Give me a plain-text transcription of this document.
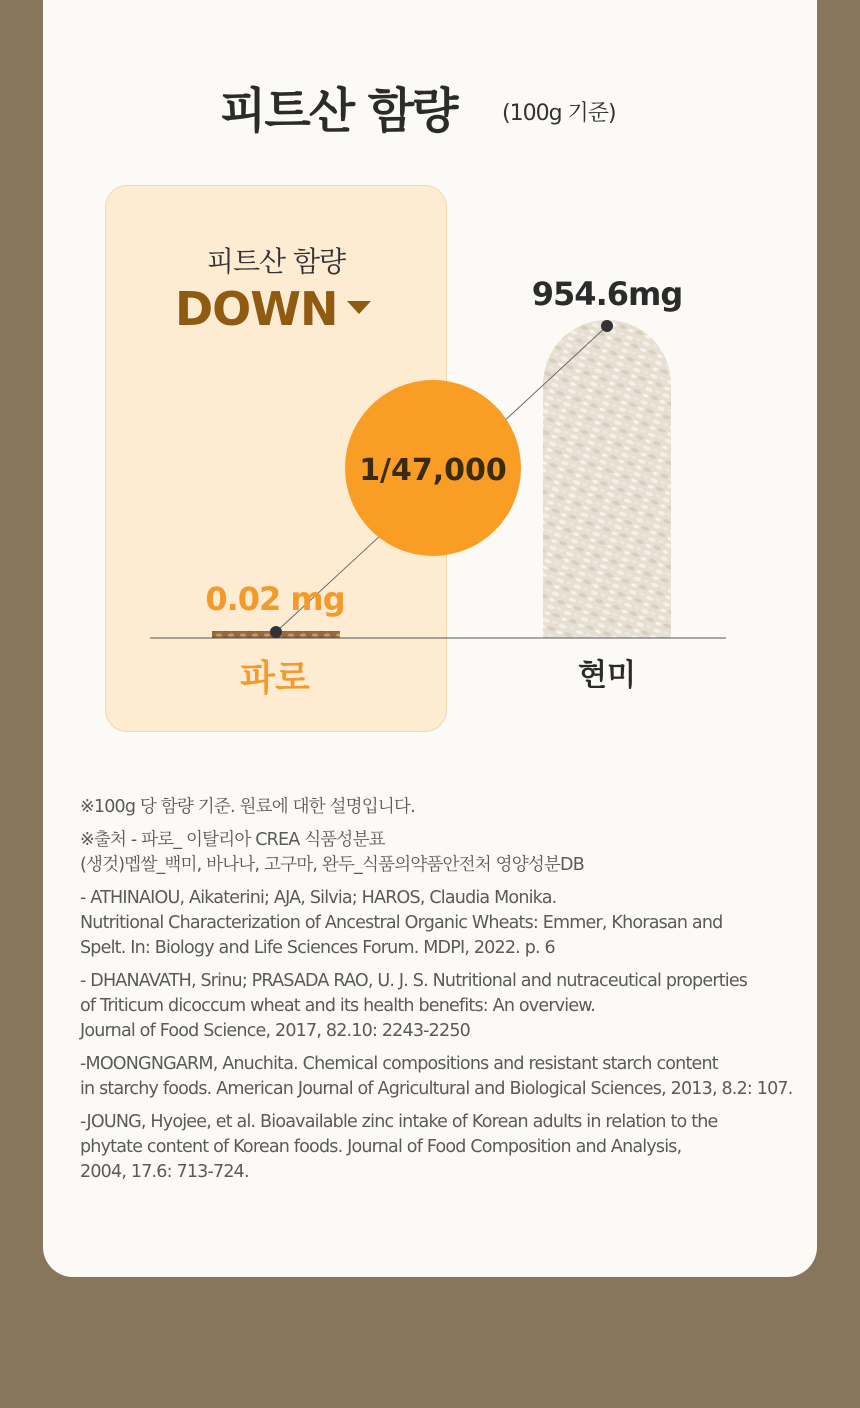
피트산 함량 (100g 기준)
피트산 함량
DOWN
1/47,000
0.02 mg
954.6mg
파로	현미
※100g 당 함량 기준. 원료에 대한 설명입니다.
※출처 - 파로_ 이탈리아 CREA 식품성분표
(생것)멥쌀_백미, 바나나, 고구마, 완두_식품의약품안전처 영양성분DB
- ATHINAIOU, Aikaterini; AJA, Silvia; HAROS, Claudia Monika.
Nutritional Characterization of Ancestral Organic Wheats: Emmer, Khorasan and
Spelt. In: Biology and Life Sciences Forum. MDPI, 2022. p. 6
- DHANAVATH, Srinu; PRASADA RAO, U. J. S. Nutritional and nutraceutical properties
of Triticum dicoccum wheat and its health benefits: An overview.
Journal of Food Science, 2017, 82.10: 2243-2250
-MOONGNGARM, Anuchita. Chemical compositions and resistant starch content
in starchy foods. American Journal of Agricultural and Biological Sciences, 2013, 8.2: 107.
-JOUNG, Hyojee, et al. Bioavailable zinc intake of Korean adults in relation to the
phytate content of Korean foods. Journal of Food Composition and Analysis,
2004, 17.6: 713-724.
